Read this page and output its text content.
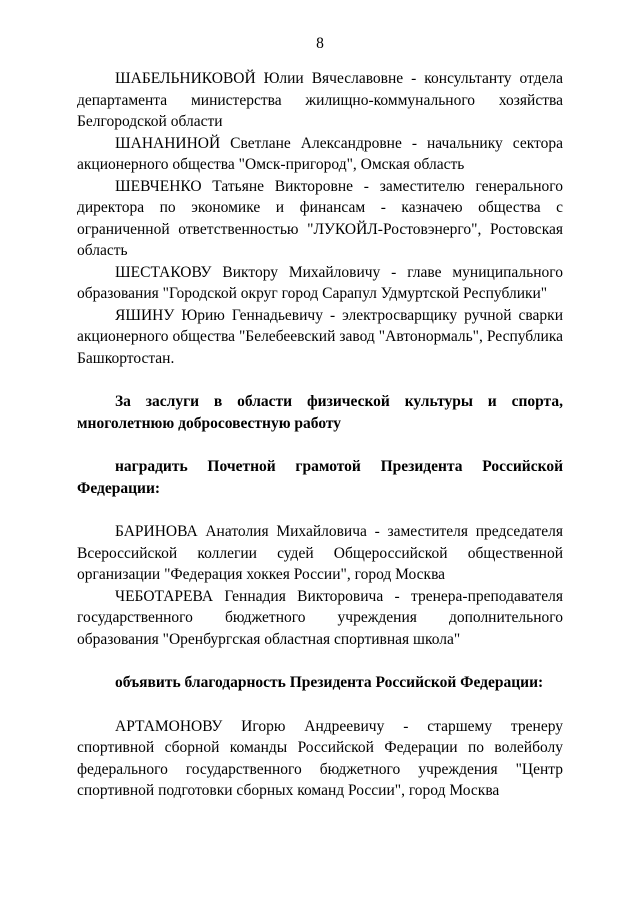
8

ШАБЕЛЬНИКОВОЙ Юлии Вячеславовне - консультанту отдела департамента министерства жилищно-коммунального хозяйства Белгородской области

ШАНАНИНОЙ Светлане Александровне - начальнику сектора акционерного общества "Омск-пригород", Омская область

ШЕВЧЕНКО Татьяне Викторовне - заместителю генерального директора по экономике и финансам - казначею общества с ограниченной ответственностью "ЛУКОЙЛ-Ростовэнерго", Ростовская область

ШЕСТАКОВУ Виктору Михайловичу - главе муниципального образования "Городской округ город Сарапул Удмуртской Республики"

ЯШИНУ Юрию Геннадьевичу - электросварщику ручной сварки акционерного общества "Белебеевский завод "Автонормаль", Республика Башкортостан.

За заслуги в области физической культуры и спорта, многолетнюю добросовестную работу

наградить Почетной грамотой Президента Российской Федерации:

БАРИНОВА Анатолия Михайловича - заместителя председателя Всероссийской коллегии судей Общероссийской общественной организации "Федерация хоккея России", город Москва

ЧЕБОТАРЕВА Геннадия Викторовича - тренера-преподавателя государственного бюджетного учреждения дополнительного образования "Оренбургская областная спортивная школа"

объявить благодарность Президента Российской Федерации:

АРТАМОНОВУ Игорю Андреевичу - старшему тренеру спортивной сборной команды Российской Федерации по волейболу федерального государственного бюджетного учреждения "Центр спортивной подготовки сборных команд России", город Москва
